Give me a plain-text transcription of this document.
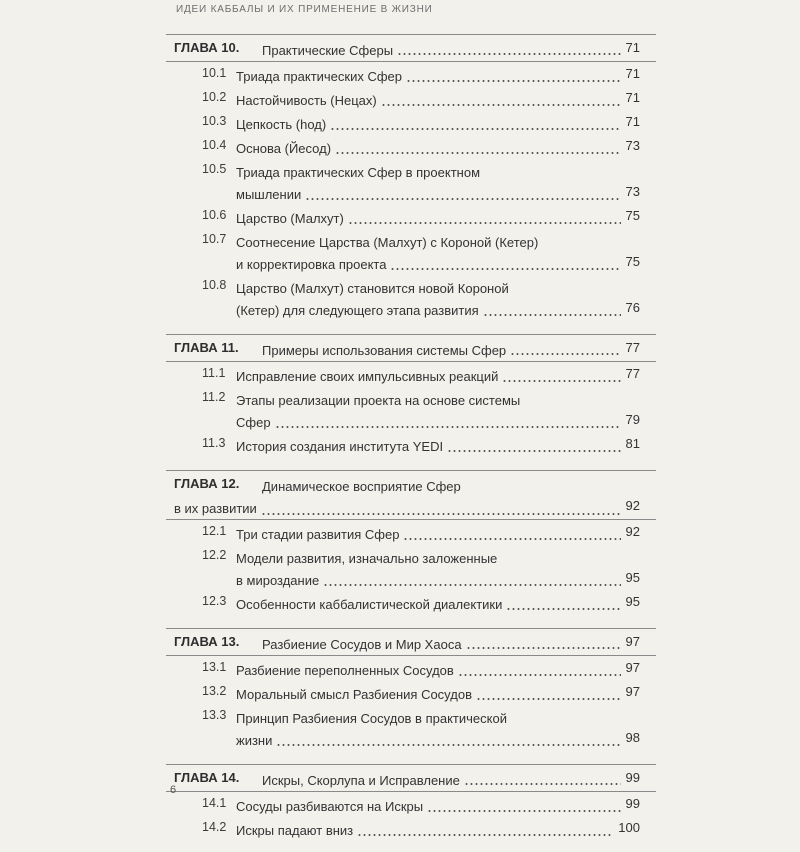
ИДЕИ КАББАЛЫ И ИХ ПРИМЕНЕНИЕ В ЖИЗНИ
ГЛАВА 10. Практические Сферы	71
10.1 Триада практических Сфер	71
10.2 Настойчивость (Нецах)	71
10.3 Цепкость (hод)	71
10.4 Основа (Йесод)	73
10.5 Триада практических Сфер в проектном
мышлении	73
10.6 Царство (Малхут)	75
10.7 Соотнесение Царства (Малхут) с Короной (Кетер)
и корректировка проекта	75
10.8 Царство (Малхут) становится новой Короной
(Кетер) для следующего этапа развития	76
ГЛАВА 11. Примеры использования системы Сфер	77
11.1 Исправление своих импульсивных реакций	77
11.2 Этапы реализации проекта на основе системы
Сфер	79
11.3 История создания института YEDI	81
ГЛАВА 12.	Динамическое восприятие Сфер
в их развитии	92
12.1 Три стадии развития Сфер	92
12.2 Модели развития, изначально заложенные
в мироздание	95
12.3 Особенности каббалистической диалектики	95
ГЛАВА 13. Разбиение Сосудов и Мир Хаоса	97
13.1 Разбиение переполненных Сосудов	97
13.2 Моральный смысл Разбиения Сосудов	97
13.3 Принцип Разбиения Сосудов в практической
жизни	98
ГЛАВА 14. Искры, Скорлупа и Исправление	99
14.1 Сосуды разбиваются на Искры	99
14.2 Искры падают вниз	100
6
